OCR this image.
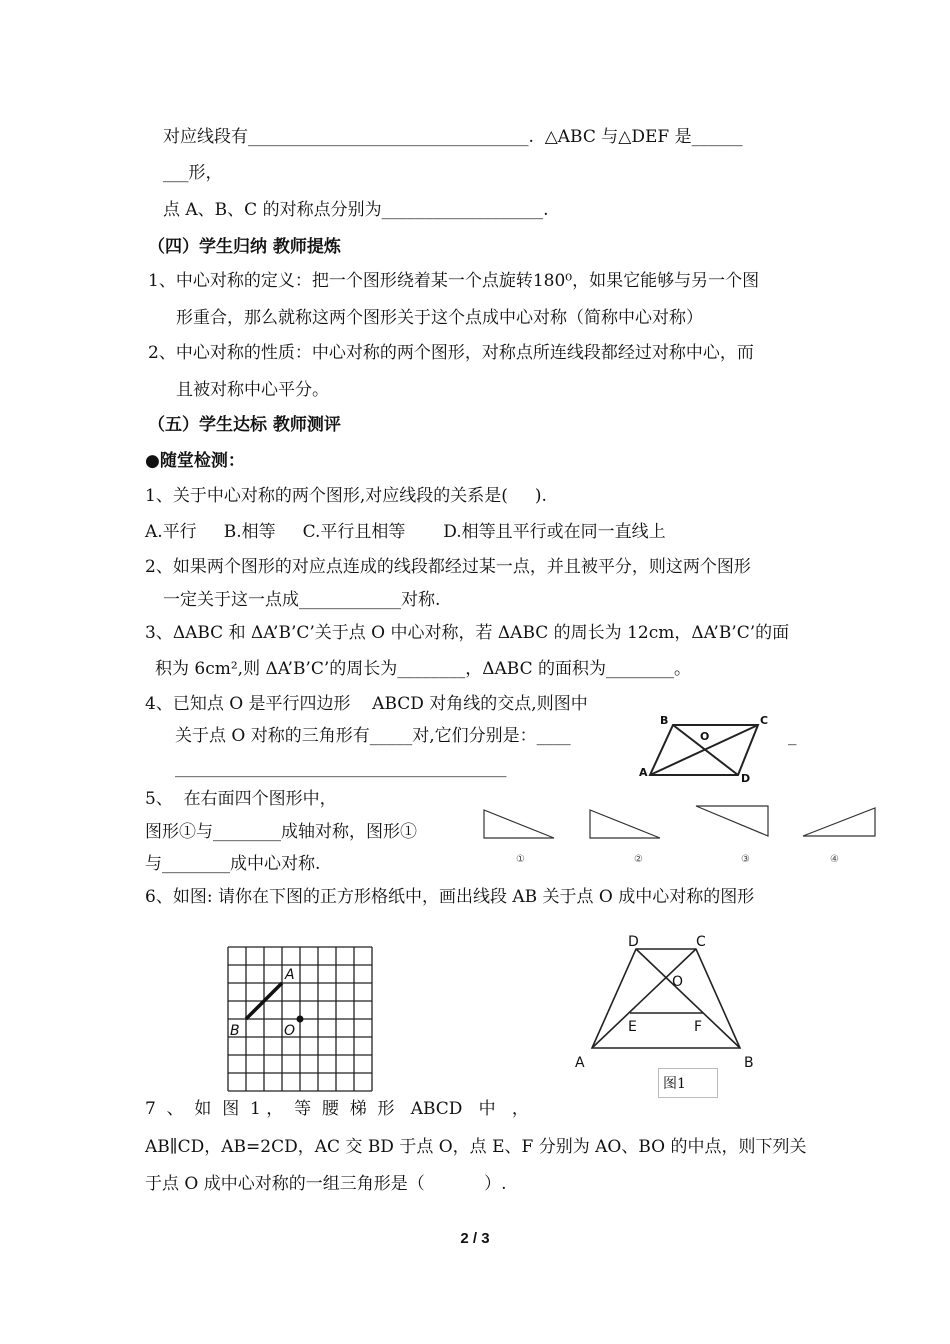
对应线段有_________________________________.  △ABC 与△DEF 是______
___形，
点 A、B、C 的对称点分别为___________________.
（四）学生归纳 教师提炼
1、中心对称的定义：把一个图形绕着某一个点旋转180⁰，如果它能够与另一个图
形重合，那么就称这两个图形关于这个点成中心对称（简称中心对称）
2、中心对称的性质：中心对称的两个图形，对称点所连线段都经过对称中心，而
且被对称中心平分。
（五）学生达标 教师测评
●随堂检测：
1、关于中心对称的两个图形,对应线段的关系是(     ).
A.平行     B.相等     C.平行且相等       D.相等且平行或在同一直线上
2、如果两个图形的对应点连成的线段都经过某一点，并且被平分，则这两个图形
一定关于这一点成____________对称.
3、ΔABC 和 ΔA’B’C’关于点 O 中心对称，若 ΔABC 的周长为 12cm，ΔA’B’C’的面
积为 6cm²,则 ΔA’B’C’的周长为________，ΔABC 的面积为________。
4、已知点 O 是平行四边形    ABCD 对角线的交点,则图中
关于点 O 对称的三角形有_____对,它们分别是：____	_
_______________________________________
B	C
O
A	D
5、  在右面四个图形中，
图形①与________成轴对称，图形①
与________成中心对称.	①	②	③	④
6、如图: 请你在下图的正方形格纸中，画出线段 AB 关于点 O 成中心对称的图形
A
B	O
D	C
O
E	F
A	B
图1
7  、  如  图  1 ，  等  腰  梯  形   ABCD   中   ，
AB∥CD，AB=2CD，AC 交 BD 于点 O，点 E、F 分别为 AO、BO 的中点，则下列关
于点 O 成中心对称的一组三角形是（           ）.
2 / 3
